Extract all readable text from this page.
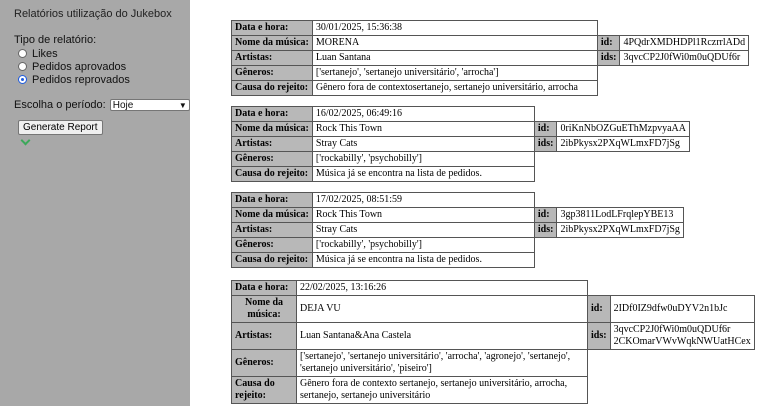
Relatórios utilização do Jukebox
Tipo de relatório:
Likes
Pedidos aprovados
Pedidos reprovados
Escolha o período: Hoje	▼
Generate Report
Data e hora:	30/01/2025, 15:36:38		
Nome da música:	MORENA	id:	4PQdrXMDHDPl1RczrrlADd
Artistas:	Luan Santana	ids:	3qvcCP2J0fWi0m0uQDUf6r
Gêneros:	['sertanejo', 'sertanejo universitário', 'arrocha']		
Causa do rejeito:	Gênero fora de contextosertanejo, sertanejo universitário, arrocha		
Data e hora:	16/02/2025, 06:49:16		
Nome da música:	Rock This Town	id:	0riKnNbOZGuEThMzpvyaAA
Artistas:	Stray Cats	ids:	2ibPkysx2PXqWLmxFD7jSg
Gêneros:	['rockabilly', 'psychobilly']		
Causa do rejeito:	Música já se encontra na lista de pedidos.		
Data e hora:	17/02/2025, 08:51:59		
Nome da música:	Rock This Town	id:	3gp3811LodLFrqlepYBE13
Artistas:	Stray Cats	ids:	2ibPkysx2PXqWLmxFD7jSg
Gêneros:	['rockabilly', 'psychobilly']		
Causa do rejeito:	Música já se encontra na lista de pedidos.		
Data e hora:	22/02/2025, 13:16:26		
Nome da música:	DEJA VU	id:	2IDf0IZ9dfw0uDYV2n1bJc
Artistas:	Luan Santana&Ana Castela	ids:	3qvcCP2J0fWi0m0uQDUf6r
2CKOmarVWvWqkNWUatHCex

Gêneros:	['sertanejo', 'sertanejo universitário', 'arrocha', 'agronejo', 'sertanejo', 'sertanejo universitário', 'piseiro']		
Causa do rejeito:	Gênero fora de contexto sertanejo, sertanejo universitário, arrocha, sertanejo, sertanejo universitário		
